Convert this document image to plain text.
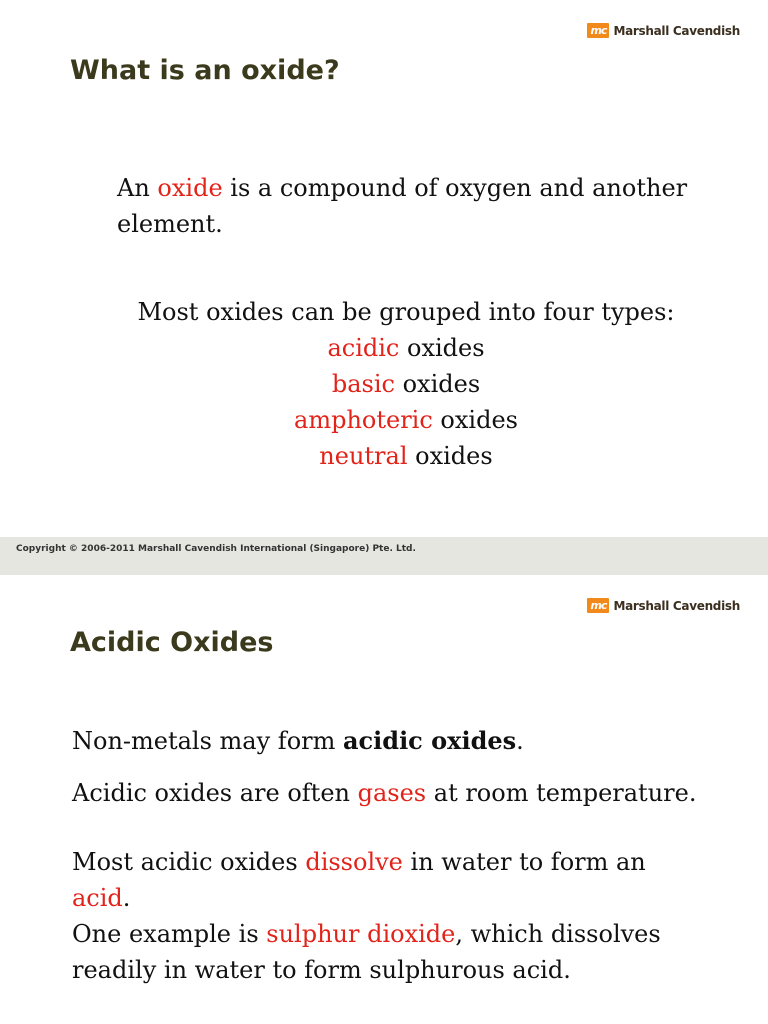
mc Marshall Cavendish
What is an oxide?
An oxide is a compound of oxygen and another element.
Most oxides can be grouped into four types:
acidic oxides
basic oxides
amphoteric oxides
neutral oxides
Copyright © 2006-2011 Marshall Cavendish International (Singapore) Pte. Ltd.
mc Marshall Cavendish
Acidic Oxides
Non-metals may form acidic oxides.
Acidic oxides are often gases at room temperature.
Most acidic oxides dissolve in water to form an
acid.
One example is sulphur dioxide, which dissolves readily in water to form sulphurous acid.
